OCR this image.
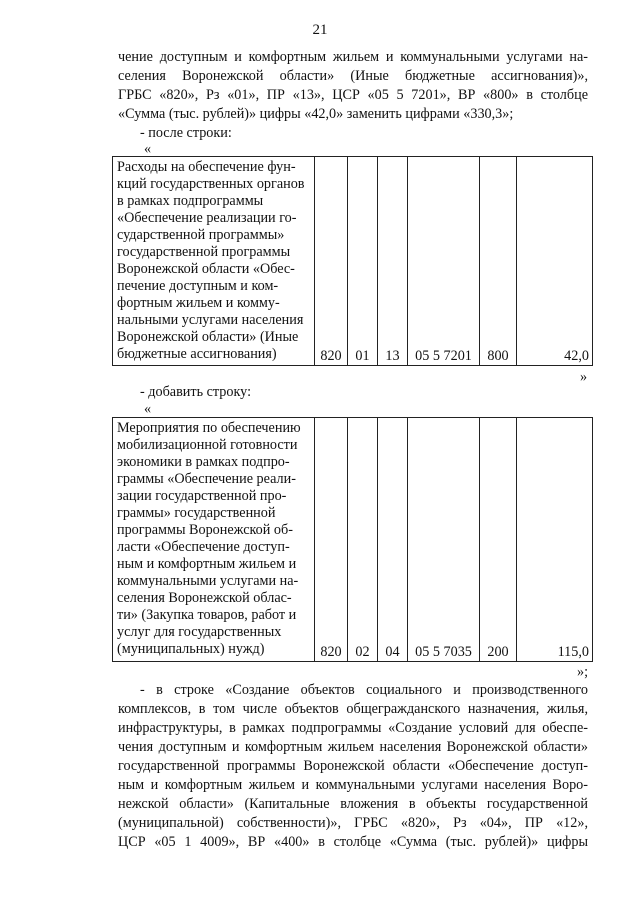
21
чение доступным и комфортным жильем и коммунальными услугами на-
селения Воронежской области» (Иные бюджетные ассигнования)»,
ГРБС «820», Рз «01», ПР «13», ЦСР «05 5 7201», ВР «800» в столбце
«Сумма (тыс. рублей)» цифры «42,0» заменить цифрами «330,3»;
- после строки:
«
Расходы на обеспечение фун-
кций государственных органов
в рамках подпрограммы
«Обеспечение реализации го-
сударственной программы»
государственной программы
Воронежской области «Обес-
печение доступным и ком-
фортным жильем и комму-
нальными услугами населения
Воронежской области» (Иные
бюджетные ассигнования)	820	01	13	05 5 7201	800	42,0
»
- добавить строку:
«
Мероприятия по обеспечению
мобилизационной готовности
экономики в рамках подпро-
граммы «Обеспечение реали-
зации государственной про-
граммы» государственной
программы Воронежской об-
ласти «Обеспечение доступ-
ным и комфортным жильем и
коммунальными услугами на-
селения Воронежской облас-
ти» (Закупка товаров, работ и
услуг для государственных
(муниципальных) нужд)	820	02	04	05 5 7035	200	115,0
»;
- в строке «Создание объектов социального и производственного
комплексов, в том числе объектов общегражданского назначения, жилья,
инфраструктуры, в рамках подпрограммы «Создание условий для обеспе-
чения доступным и комфортным жильем населения Воронежской области»
государственной программы Воронежской области «Обеспечение доступ-
ным и комфортным жильем и коммунальными услугами населения Воро-
нежской области» (Капитальные вложения в объекты государственной
(муниципальной) собственности)», ГРБС «820», Рз «04», ПР «12»,
ЦСР «05 1 4009», ВР «400» в столбце «Сумма (тыс. рублей)» цифры
